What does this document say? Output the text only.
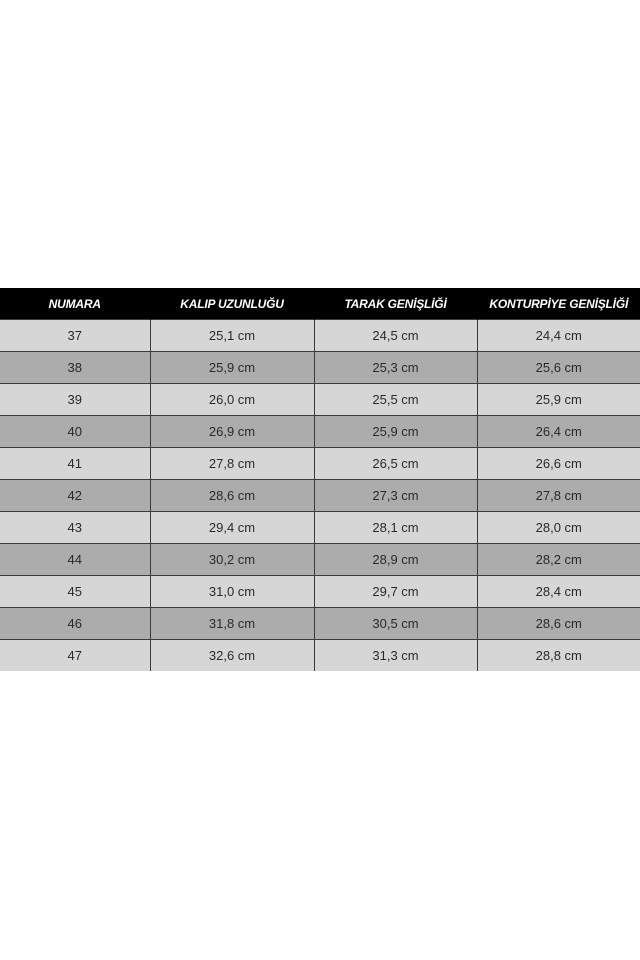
NUMARA	KALIP UZUNLUĞU	TARAK GENİŞLİĞİ	KONTURPİYE GENİŞLİĞİ
37	25,1 cm	24,5 cm	24,4 cm
38	25,9 cm	25,3 cm	25,6 cm
39	26,0 cm	25,5 cm	25,9 cm
40	26,9 cm	25,9 cm	26,4 cm
41	27,8 cm	26,5 cm	26,6 cm
42	28,6 cm	27,3 cm	27,8 cm
43	29,4 cm	28,1 cm	28,0 cm
44	30,2 cm	28,9 cm	28,2 cm
45	31,0 cm	29,7 cm	28,4 cm
46	31,8 cm	30,5 cm	28,6 cm
47	32,6 cm	31,3 cm	28,8 cm
